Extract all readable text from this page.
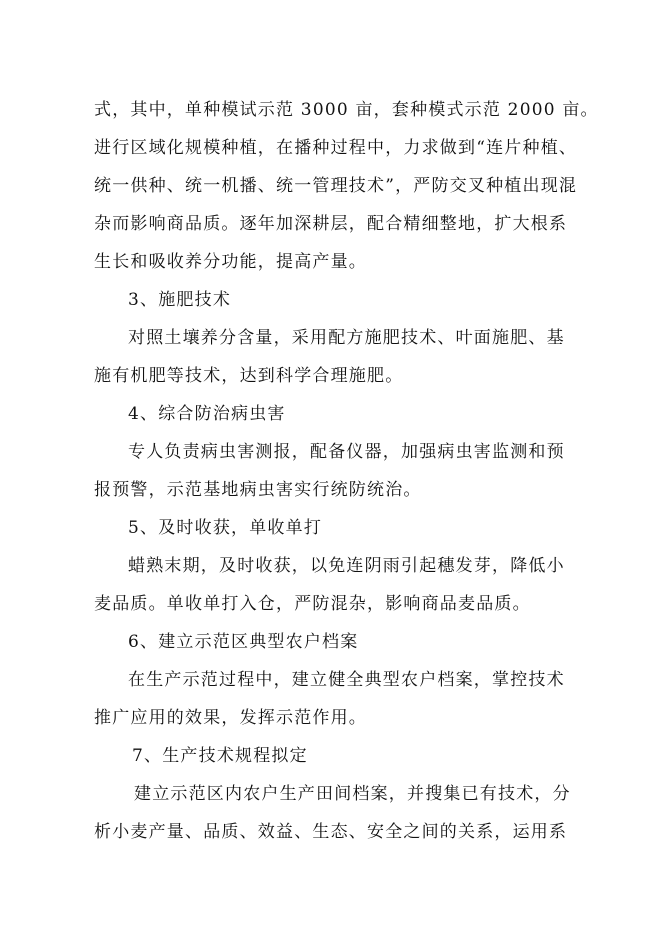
式，其中，单种模试示范 3000 亩，套种模式示范 2000 亩。
进行区域化规模种植，在播种过程中，力求做到“连片种植、
统一供种、统一机播、统一管理技术”，严防交叉种植出现混
杂而影响商品质。逐年加深耕层，配合精细整地，扩大根系
生长和吸收养分功能，提高产量。
3、施肥技术
对照土壤养分含量，采用配方施肥技术、叶面施肥、基
施有机肥等技术，达到科学合理施肥。
4、综合防治病虫害
专人负责病虫害测报，配备仪器，加强病虫害监测和预
报预警，示范基地病虫害实行统防统治。
5、及时收获，单收单打
蜡熟末期，及时收获，以免连阴雨引起穗发芽，降低小
麦品质。单收单打入仓，严防混杂，影响商品麦品质。
6、建立示范区典型农户档案
在生产示范过程中，建立健全典型农户档案，掌控技术
推广应用的效果，发挥示范作用。
7、生产技术规程拟定
建立示范区内农户生产田间档案，并搜集已有技术，分
析小麦产量、品质、效益、生态、安全之间的关系，运用系
